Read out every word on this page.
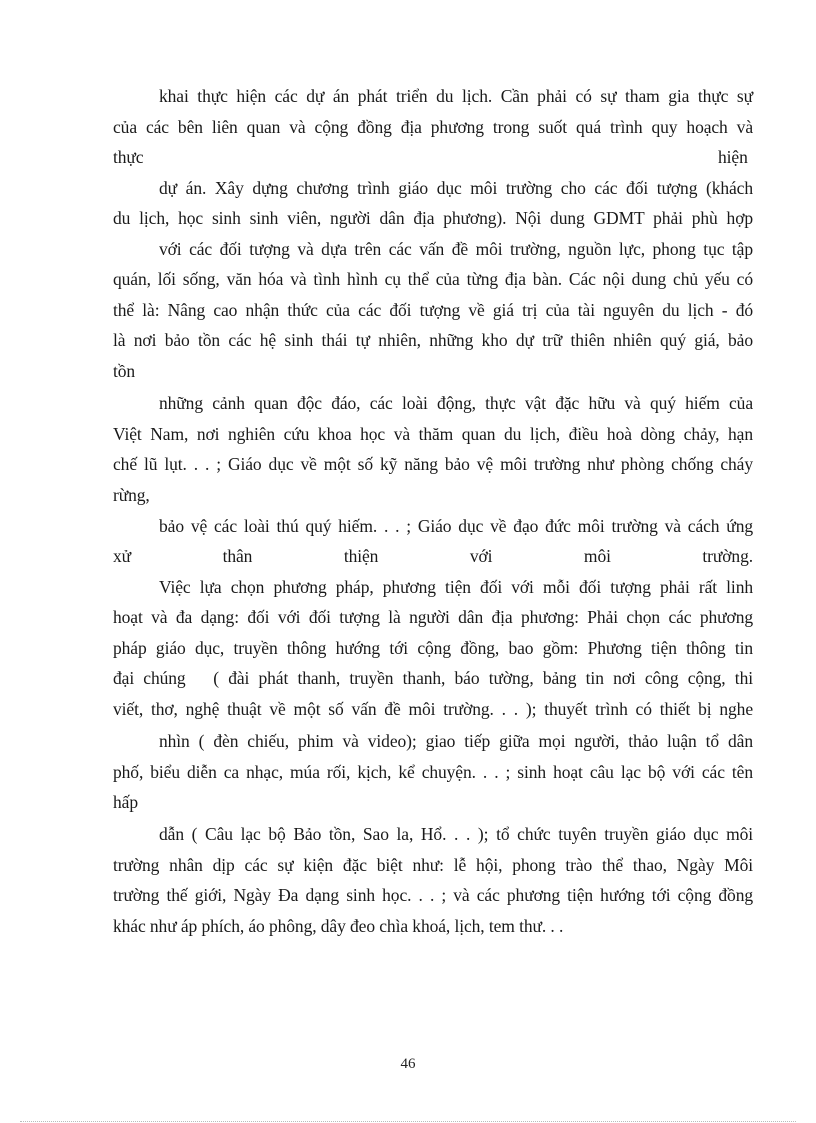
khai thực hiện các dự án phát triển du lịch. Cần phải có sự tham gia thực sự
của các bên liên quan và cộng đồng địa phương trong suốt quá trình quy hoạch và
thực	hiện
dự án. Xây dựng chương trình giáo dục môi trường cho các đối tượng (khách
du lịch, học sinh sinh viên, người dân địa phương). Nội dung GDMT phải phù hợp
với các đối tượng và dựa trên các vấn đề môi trường, nguồn lực, phong tục tập
quán, lối sống, văn hóa và tình hình cụ thể của từng địa bàn. Các nội dung chủ yếu có
thể là: Nâng cao nhận thức của các đối tượng về giá trị của tài nguyên du lịch - đó
là nơi bảo tồn các hệ sinh thái tự nhiên, những kho dự trữ thiên nhiên quý giá, bảo
tồn
những cảnh quan độc đáo, các loài động, thực vật đặc hữu và quý hiếm của
Việt Nam, nơi nghiên cứu khoa học và thăm quan du lịch, điều hoà dòng chảy, hạn
chế lũ lụt. . . ; Giáo dục về một số kỹ năng bảo vệ môi trường như phòng chống cháy
rừng,
bảo vệ các loài thú quý hiếm. . . ; Giáo dục về đạo đức môi trường và cách ứng
xử thân thiện với môi trường.
Việc lựa chọn phương pháp, phương tiện đối với mỗi đối tượng phải rất linh
hoạt và đa dạng: đối với đối tượng là người dân địa phương: Phải chọn các phương
pháp giáo dục, truyền thông hướng tới cộng đồng, bao gồm: Phương tiện thông tin
đại chúng   ( đài phát thanh, truyền thanh, báo tường, bảng tin nơi công cộng, thi
viết, thơ, nghệ thuật về một số vấn đề môi trường. . . ); thuyết trình có thiết bị nghe
nhìn ( đèn chiếu, phim và video); giao tiếp giữa mọi người, thảo luận tổ dân
phố, biểu diễn ca nhạc, múa rối, kịch, kể chuyện. . . ; sinh hoạt câu lạc bộ với các tên
hấp
dẫn ( Câu lạc bộ Bảo tồn, Sao la, Hổ. . . ); tổ chức tuyên truyền giáo dục môi
trường nhân dịp các sự kiện đặc biệt như: lễ hội, phong trào thể thao, Ngày Môi
trường thế giới, Ngày Đa dạng sinh học. . . ; và các phương tiện hướng tới cộng đồng
khác như áp phích, áo phông, dây đeo chìa khoá, lịch, tem thư. . .
46
